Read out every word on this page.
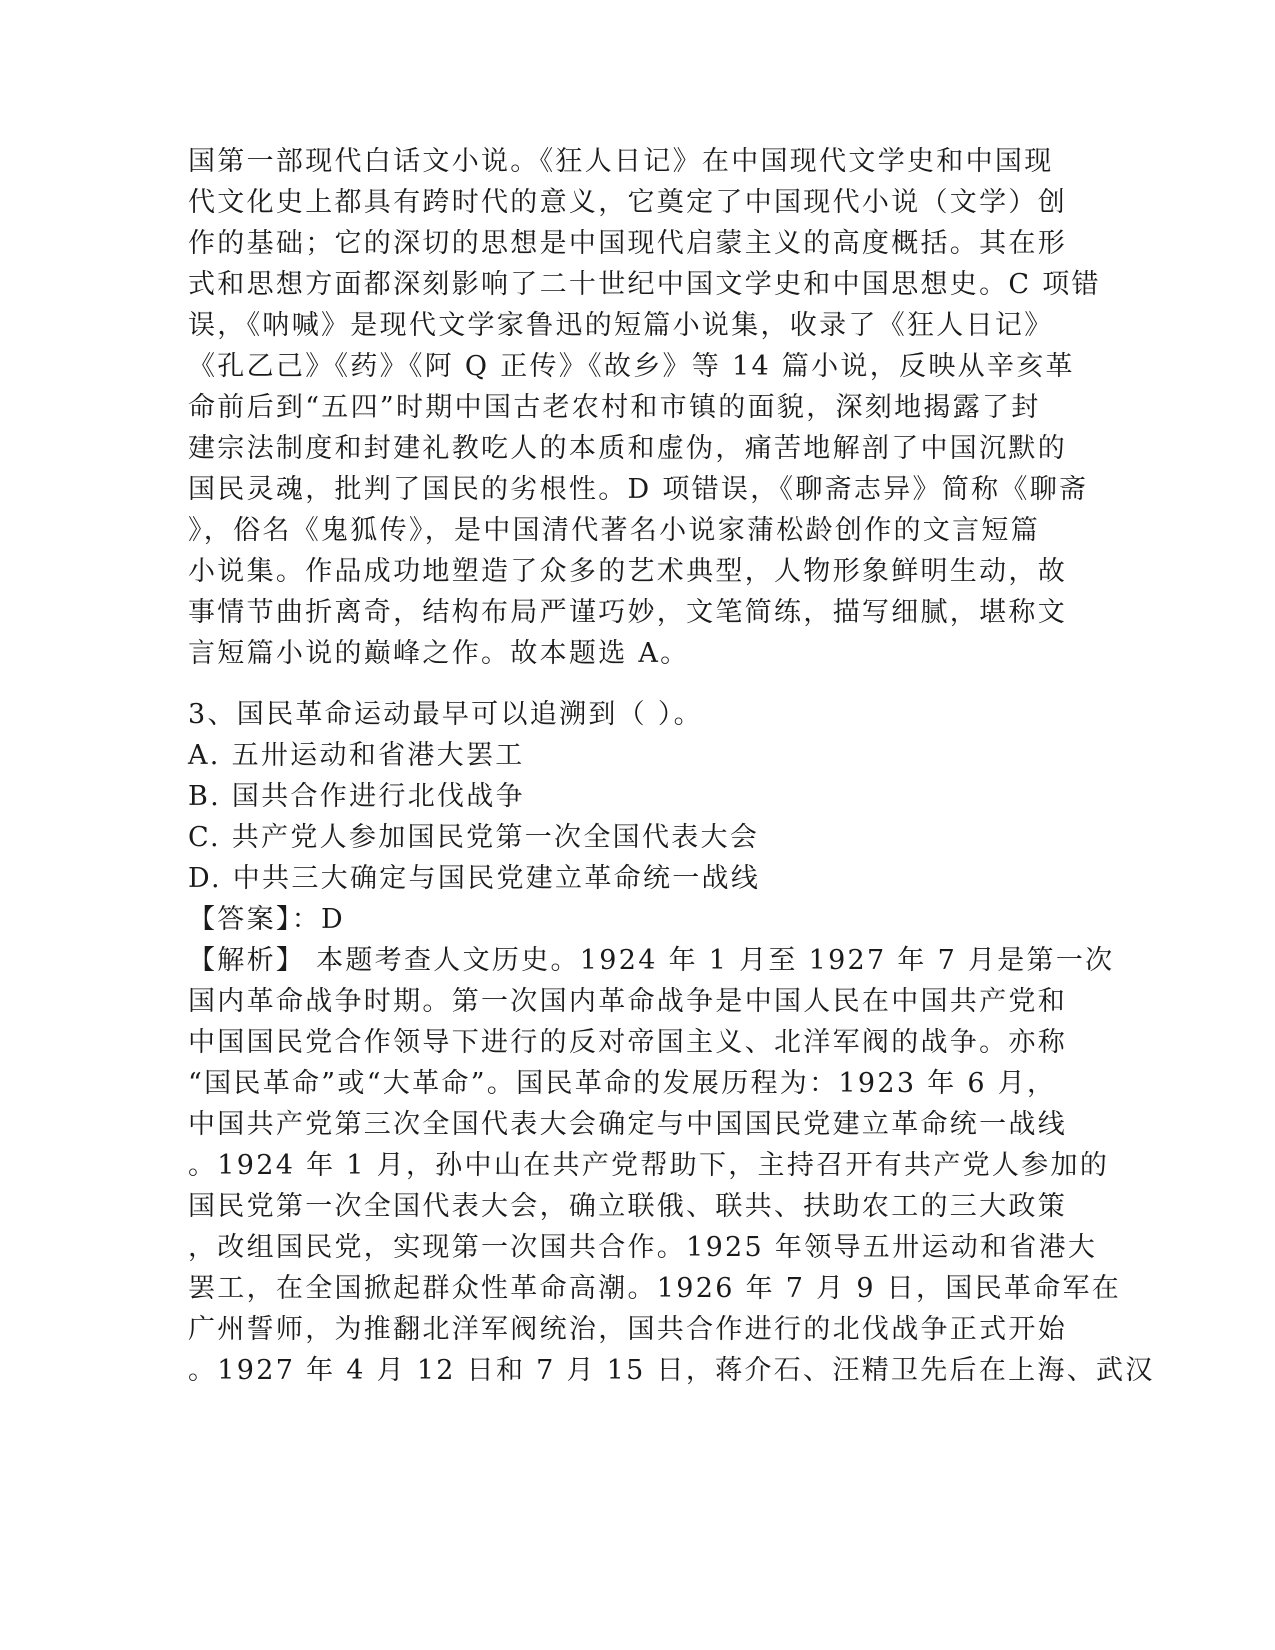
国第一部现代白话文小说。《狂人日记》在中国现代文学史和中国现
代文化史上都具有跨时代的意义，它奠定了中国现代小说（文学）创
作的基础；它的深切的思想是中国现代启蒙主义的高度概括。其在形
式和思想方面都深刻影响了二十世纪中国文学史和中国思想史。C 项错
误，《呐喊》是现代文学家鲁迅的短篇小说集，收录了《狂人日记》
《孔乙己》《药》《阿 Q 正传》《故乡》等 14 篇小说，反映从辛亥革
命前后到“五四”时期中国古老农村和市镇的面貌，深刻地揭露了封
建宗法制度和封建礼教吃人的本质和虚伪，痛苦地解剖了中国沉默的
国民灵魂，批判了国民的劣根性。D 项错误，《聊斋志异》简称《聊斋
》，俗名《鬼狐传》，是中国清代著名小说家蒲松龄创作的文言短篇
小说集。作品成功地塑造了众多的艺术典型，人物形象鲜明生动，故
事情节曲折离奇，结构布局严谨巧妙，文笔简练，描写细腻，堪称文
言短篇小说的巅峰之作。故本题选 A。
3、国民革命运动最早可以追溯到（ ）。
A. 五卅运动和省港大罢工
B. 国共合作进行北伐战争
C. 共产党人参加国民党第一次全国代表大会
D. 中共三大确定与国民党建立革命统一战线
【答案】：D
【解析】 本题考查人文历史。1924 年 1 月至 1927 年 7 月是第一次
国内革命战争时期。第一次国内革命战争是中国人民在中国共产党和
中国国民党合作领导下进行的反对帝国主义、北洋军阀的战争。亦称
“国民革命”或“大革命”。国民革命的发展历程为：1923 年 6 月，
中国共产党第三次全国代表大会确定与中国国民党建立革命统一战线
。1924 年 1 月，孙中山在共产党帮助下，主持召开有共产党人参加的
国民党第一次全国代表大会，确立联俄、联共、扶助农工的三大政策
，改组国民党，实现第一次国共合作。1925 年领导五卅运动和省港大
罢工，在全国掀起群众性革命高潮。1926 年 7 月 9 日，国民革命军在
广州誓师，为推翻北洋军阀统治，国共合作进行的北伐战争正式开始
。1927 年 4 月 12 日和 7 月 15 日，蒋介石、汪精卫先后在上海、武汉
